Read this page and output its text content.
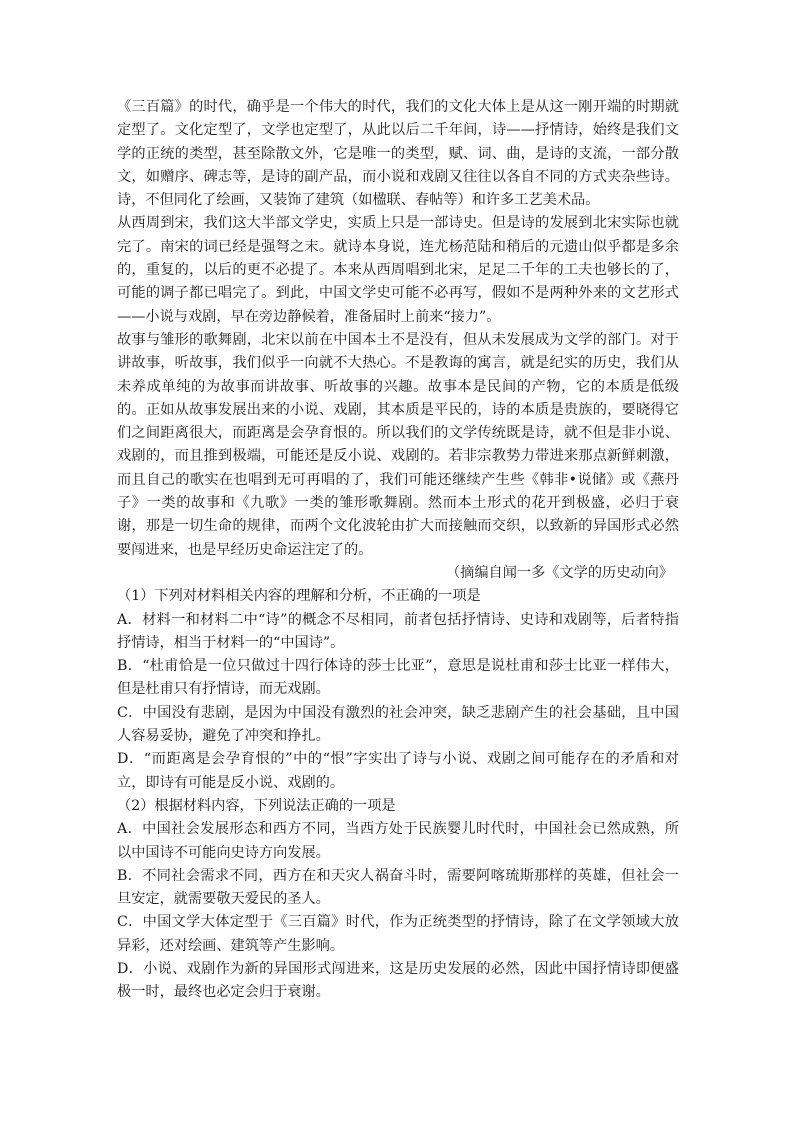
《三百篇》的时代，确乎是一个伟大的时代，我们的文化大体上是从这一刚开端的时期就定型了。文化定型了，文学也定型了，从此以后二千年间，诗——抒情诗，始终是我们文学的正统的类型，甚至除散文外，它是唯一的类型，赋、词、曲，是诗的支流，一部分散文，如赠序、碑志等，是诗的副产品，而小说和戏剧又往往以各自不同的方式夹杂些诗。诗，不但同化了绘画，又装饰了建筑（如楹联、春帖等）和许多工艺美术品。

从西周到宋，我们这大半部文学史，实质上只是一部诗史。但是诗的发展到北宋实际也就完了。南宋的词已经是强弩之末。就诗本身说，连尤杨范陆和稍后的元遗山似乎都是多余的，重复的，以后的更不必提了。本来从西周唱到北宋，足足二千年的工夫也够长的了，可能的调子都已唱完了。到此，中国文学史可能不必再写，假如不是两种外来的文艺形式——小说与戏剧，早在旁边静候着，准备届时上前来“接力”。

故事与雏形的歌舞剧，北宋以前在中国本土不是没有，但从未发展成为文学的部门。对于讲故事，听故事，我们似乎一向就不大热心。不是教诲的寓言，就是纪实的历史，我们从未养成单纯的为故事而讲故事、听故事的兴趣。故事本是民间的产物，它的本质是低级的。正如从故事发展出来的小说、戏剧，其本质是平民的，诗的本质是贵族的，要晓得它们之间距离很大，而距离是会孕育恨的。所以我们的文学传统既是诗，就不但是非小说、戏剧的，而且推到极端，可能还是反小说、戏剧的。若非宗教势力带进来那点新鲜刺激，而且自己的歌实在也唱到无可再唱的了，我们可能还继续产生些《韩非•说储》或《燕丹子》一类的故事和《九歌》一类的雏形歌舞剧。然而本土形式的花开到极盛，必归于衰谢，那是一切生命的规律，而两个文化波轮由扩大而接触而交织，以致新的异国形式必然要闯进来，也是早经历史命运注定了的。

（摘编自闻一多《文学的历史动向》

（1）下列对材料相关内容的理解和分析，不正确的一项是

A．材料一和材料二中“诗”的概念不尽相同，前者包括抒情诗、史诗和戏剧等，后者特指抒情诗，相当于材料一的“中国诗”。

B．“杜甫恰是一位只做过十四行体诗的莎士比亚”，意思是说杜甫和莎士比亚一样伟大，但是杜甫只有抒情诗，而无戏剧。

C．中国没有悲剧，是因为中国没有激烈的社会冲突，缺乏悲剧产生的社会基础，且中国人容易妥协，避免了冲突和挣扎。

D．“而距离是会孕育恨的”中的“恨”字实出了诗与小说、戏剧之间可能存在的矛盾和对立，即诗有可能是反小说、戏剧的。

（2）根据材料内容，下列说法正确的一项是

A．中国社会发展形态和西方不同，当西方处于民族婴儿时代时，中国社会已然成熟，所以中国诗不可能向史诗方向发展。

B．不同社会需求不同，西方在和天灾人祸奋斗时，需要阿喀琉斯那样的英雄，但社会一旦安定，就需要敬天爱民的圣人。

C．中国文学大体定型于《三百篇》时代，作为正统类型的抒情诗，除了在文学领域大放异彩，还对绘画、建筑等产生影响。

D．小说、戏剧作为新的异国形式闯进来，这是历史发展的必然，因此中国抒情诗即便盛极一时，最终也必定会归于衰谢。
